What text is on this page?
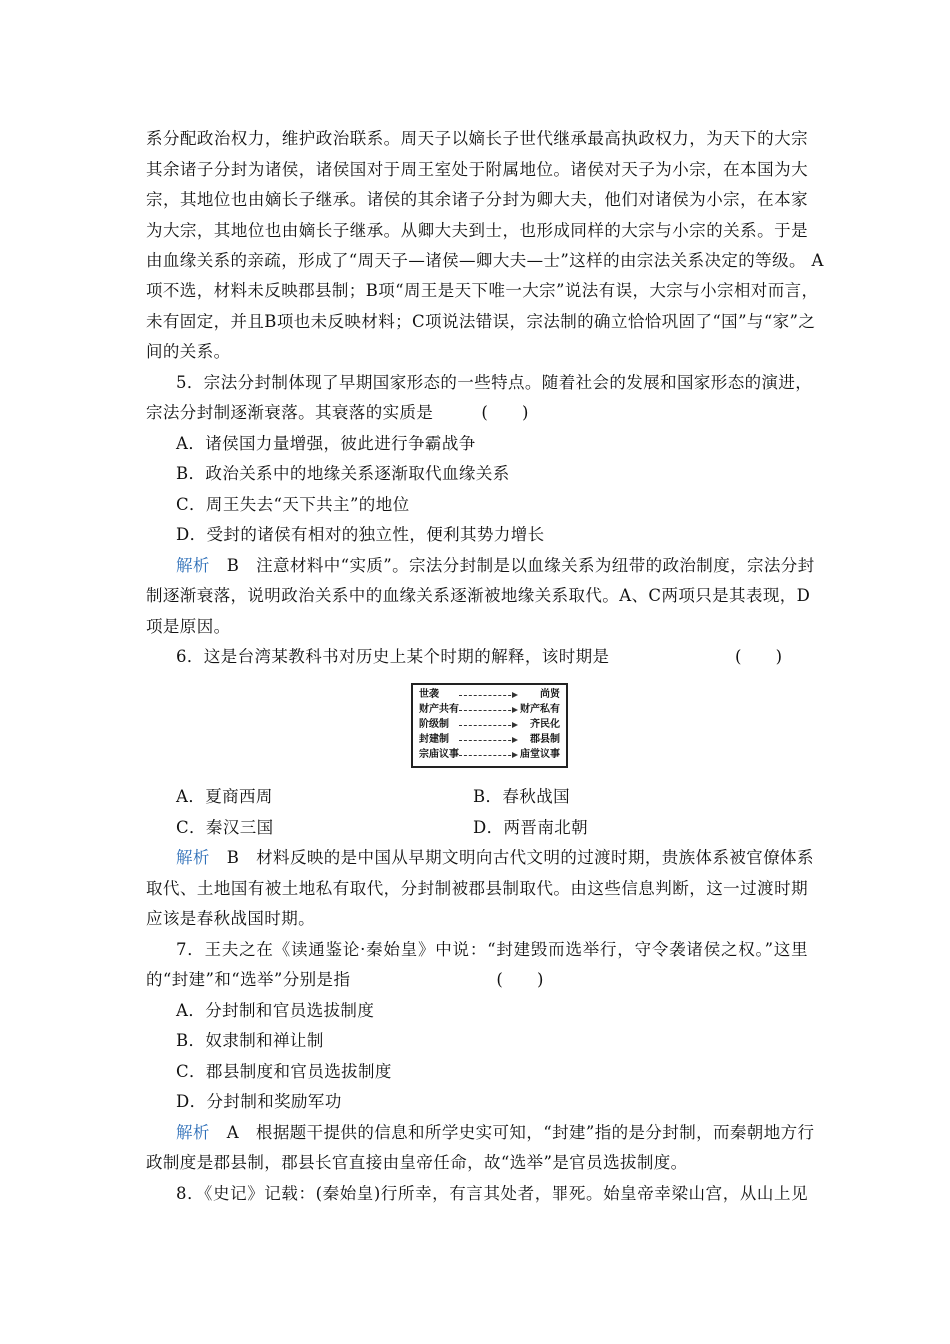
系分配政治权力，维护政治联系。周天子以嫡长子世代继承最高执政权力，为天下的大宗
其余诸子分封为诸侯，诸侯国对于周王室处于附属地位。诸侯对天子为小宗，在本国为大
宗，其地位也由嫡长子继承。诸侯的其余诸子分封为卿大夫，他们对诸侯为小宗，在本家
为大宗，其地位也由嫡长子继承。从卿大夫到士，也形成同样的大宗与小宗的关系。于是
由血缘关系的亲疏，形成了“周天子—诸侯—卿大夫—士”这样的由宗法关系决定的等级。 A
项不选，材料未反映郡县制；B项“周王是天下唯一大宗”说法有误，大宗与小宗相对而言，
未有固定，并且B项也未反映材料；C项说法错误，宗法制的确立恰恰巩固了“国”与“家”之
间的关系。
5．宗法分封制体现了早期国家形态的一些特点。随着社会的发展和国家形态的演进，
宗法分封制逐渐衰落。其衰落的实质是	(　　)
A．诸侯国力量增强，彼此进行争霸战争
B．政治关系中的地缘关系逐渐取代血缘关系
C．周王失去“天下共主”的地位
D．受封的诸侯有相对的独立性，便利其势力增长
解析　B　注意材料中“实质”。宗法分封制是以血缘关系为纽带的政治制度，宗法分封
制逐渐衰落，说明政治关系中的血缘关系逐渐被地缘关系取代。A、C两项只是其表现，D
项是原因。
6．这是台湾某教科书对历史上某个时期的解释，该时期是	(　　)
世袭	尚贤
财产共有	财产私有
阶级制	齐民化
封建制	郡县制
宗庙议事	庙堂议事
A．夏商西周	B．春秋战国
C．秦汉三国	D．两晋南北朝
解析　B　材料反映的是中国从早期文明向古代文明的过渡时期，贵族体系被官僚体系
取代、土地国有被土地私有取代，分封制被郡县制取代。由这些信息判断，这一过渡时期
应该是春秋战国时期。
7．王夫之在《读通鉴论·秦始皇》中说：“封建毁而选举行，守令袭诸侯之权。”这里
的“封建”和“选举”分别是指	(　　)
A．分封制和官员选拔制度
B．奴隶制和禅让制
C．郡县制度和官员选拔制度
D．分封制和奖励军功
解析　A　根据题干提供的信息和所学史实可知，“封建”指的是分封制，而秦朝地方行
政制度是郡县制，郡县长官直接由皇帝任命，故“选举”是官员选拔制度。
8．《史记》记载：(秦始皇)行所幸，有言其处者，罪死。始皇帝幸梁山宫，从山上见
